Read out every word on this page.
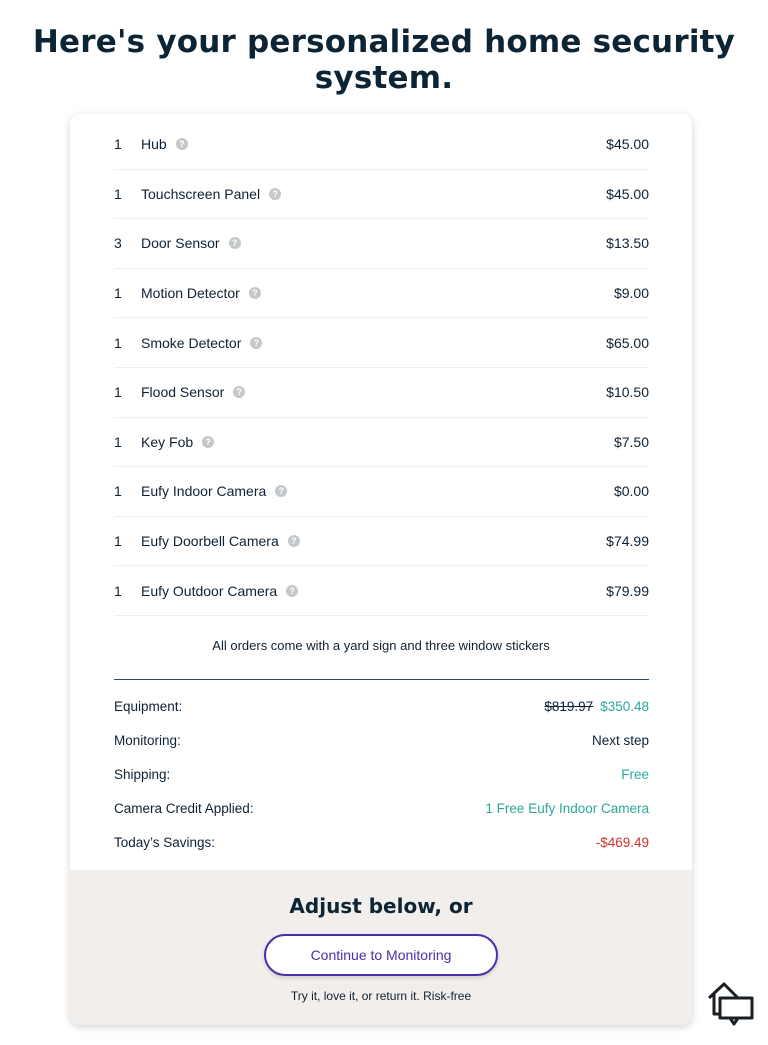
Here's your personalized home security system.
1	Hub	?	$45.00
1	Touchscreen Panel	?	$45.00
3	Door Sensor	?	$13.50
1	Motion Detector	?	$9.00
1	Smoke Detector	?	$65.00
1	Flood Sensor	?	$10.50
1	Key Fob	?	$7.50
1	Eufy Indoor Camera	?	$0.00
1	Eufy Doorbell Camera	?	$74.99
1	Eufy Outdoor Camera	?	$79.99
All orders come with a yard sign and three window stickers
Equipment:	$819.97 $350.48
Monitoring:	Next step
Shipping:	Free
Camera Credit Applied:	1 Free Eufy Indoor Camera
Today’s Savings:	-$469.49
Adjust below, or
Continue to Monitoring
Try it, love it, or return it. Risk-free
